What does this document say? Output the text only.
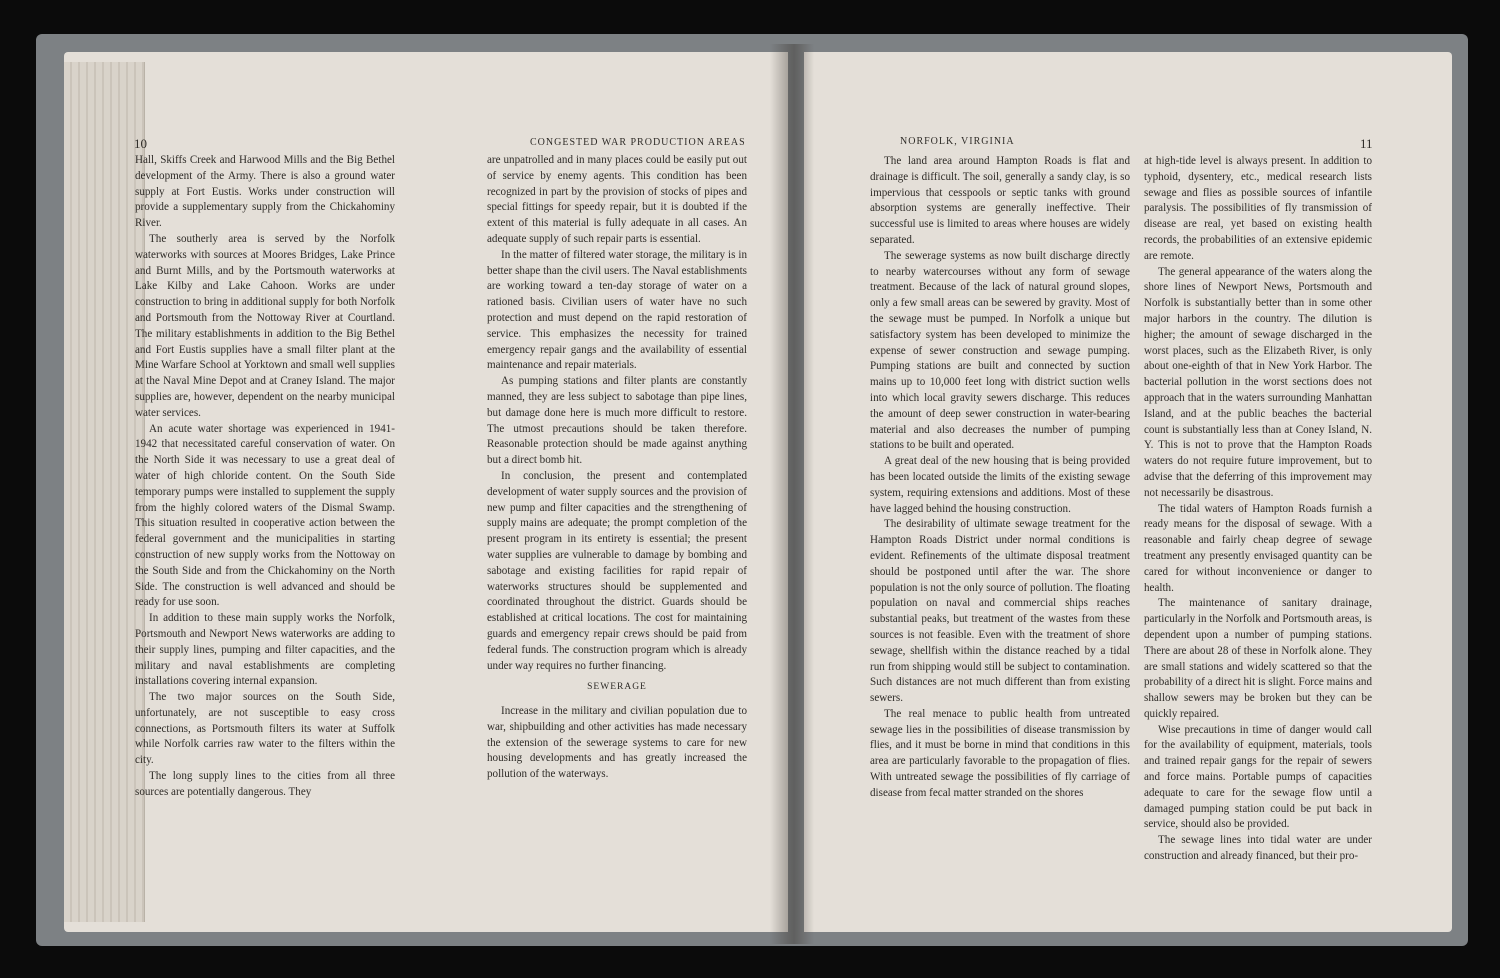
10	CONGESTED WAR PRODUCTION AREAS

Hall, Skiffs Creek and Harwood Mills and the Big Bethel development of the Army. There is also a ground water supply at Fort Eustis. Works under construction will provide a supplementary supply from the Chickahominy River.

The southerly area is served by the Norfolk waterworks with sources at Moores Bridges, Lake Prince and Burnt Mills, and by the Portsmouth waterworks at Lake Kilby and Lake Cahoon. Works are under construction to bring in additional supply for both Norfolk and Portsmouth from the Nottoway River at Courtland. The military establishments in addition to the Big Bethel and Fort Eustis supplies have a small filter plant at the Mine Warfare School at Yorktown and small well supplies at the Naval Mine Depot and at Craney Island. The major supplies are, however, dependent on the nearby municipal water services.

An acute water shortage was experienced in 1941-1942 that necessitated careful conservation of water. On the North Side it was necessary to use a great deal of water of high chloride content. On the South Side temporary pumps were installed to supplement the supply from the highly colored waters of the Dismal Swamp. This situation resulted in cooperative action between the federal government and the municipalities in starting construction of new supply works from the Nottoway on the South Side and from the Chickahominy on the North Side. The construction is well advanced and should be ready for use soon.

In addition to these main supply works the Norfolk, Portsmouth and Newport News waterworks are adding to their supply lines, pumping and filter capacities, and the military and naval establishments are completing installations covering internal expansion.

The two major sources on the South Side, unfortunately, are not susceptible to easy cross connections, as Portsmouth filters its water at Suffolk while Norfolk carries raw water to the filters within the city.

The long supply lines to the cities from all three sources are potentially dangerous. They

are unpatrolled and in many places could be easily put out of service by enemy agents. This condition has been recognized in part by the provision of stocks of pipes and special fittings for speedy repair, but it is doubted if the extent of this material is fully adequate in all cases. An adequate supply of such repair parts is essential.

In the matter of filtered water storage, the military is in better shape than the civil users. The Naval establishments are working toward a ten-day storage of water on a rationed basis. Civilian users of water have no such protection and must depend on the rapid restoration of service. This emphasizes the necessity for trained emergency repair gangs and the availability of essential maintenance and repair materials.

As pumping stations and filter plants are constantly manned, they are less subject to sabotage than pipe lines, but damage done here is much more difficult to restore. The utmost precautions should be taken therefore. Reasonable protection should be made against anything but a direct bomb hit.

In conclusion, the present and contemplated development of water supply sources and the provision of new pump and filter capacities and the strengthening of supply mains are adequate; the prompt completion of the present program in its entirety is essential; the present water supplies are vulnerable to damage by bombing and sabotage and existing facilities for rapid repair of waterworks structures should be supplemented and coordinated throughout the district. Guards should be established at critical locations. The cost for maintaining guards and emergency repair crews should be paid from federal funds. The construction program which is already under way requires no further financing.

SEWERAGE

Increase in the military and civilian population due to war, shipbuilding and other activities has made necessary the extension of the sewerage systems to care for new housing developments and has greatly increased the pollution of the waterways.

NORFOLK, VIRGINIA	11

The land area around Hampton Roads is flat and drainage is difficult. The soil, generally a sandy clay, is so impervious that cesspools or septic tanks with ground absorption systems are generally ineffective. Their successful use is limited to areas where houses are widely separated.

The sewerage systems as now built discharge directly to nearby watercourses without any form of sewage treatment. Because of the lack of natural ground slopes, only a few small areas can be sewered by gravity. Most of the sewage must be pumped. In Norfolk a unique but satisfactory system has been developed to minimize the expense of sewer construction and sewage pumping. Pumping stations are built and connected by suction mains up to 10,000 feet long with district suction wells into which local gravity sewers discharge. This reduces the amount of deep sewer construction in water-bearing material and also decreases the number of pumping stations to be built and operated.

A great deal of the new housing that is being provided has been located outside the limits of the existing sewage system, requiring extensions and additions. Most of these have lagged behind the housing construction.

The desirability of ultimate sewage treatment for the Hampton Roads District under normal conditions is evident. Refinements of the ultimate disposal treatment should be postponed until after the war. The shore population is not the only source of pollution. The floating population on naval and commercial ships reaches substantial peaks, but treatment of the wastes from these sources is not feasible. Even with the treatment of shore sewage, shellfish within the distance reached by a tidal run from shipping would still be subject to contamination. Such distances are not much different than from existing sewers.

The real menace to public health from untreated sewage lies in the possibilities of disease transmission by flies, and it must be borne in mind that conditions in this area are particularly favorable to the propagation of flies. With untreated sewage the possibilities of fly carriage of disease from fecal matter stranded on the shores

at high-tide level is always present. In addition to typhoid, dysentery, etc., medical research lists sewage and flies as possible sources of infantile paralysis. The possibilities of fly transmission of disease are real, yet based on existing health records, the probabilities of an extensive epidemic are remote.

The general appearance of the waters along the shore lines of Newport News, Portsmouth and Norfolk is substantially better than in some other major harbors in the country. The dilution is higher; the amount of sewage discharged in the worst places, such as the Elizabeth River, is only about one-eighth of that in New York Harbor. The bacterial pollution in the worst sections does not approach that in the waters surrounding Manhattan Island, and at the public beaches the bacterial count is substantially less than at Coney Island, N. Y. This is not to prove that the Hampton Roads waters do not require future improvement, but to advise that the deferring of this improvement may not necessarily be disastrous.

The tidal waters of Hampton Roads furnish a ready means for the disposal of sewage. With a reasonable and fairly cheap degree of sewage treatment any presently envisaged quantity can be cared for without inconvenience or danger to health.

The maintenance of sanitary drainage, particularly in the Norfolk and Portsmouth areas, is dependent upon a number of pumping stations. There are about 28 of these in Norfolk alone. They are small stations and widely scattered so that the probability of a direct hit is slight. Force mains and shallow sewers may be broken but they can be quickly repaired.

Wise precautions in time of danger would call for the availability of equipment, materials, tools and trained repair gangs for the repair of sewers and force mains. Portable pumps of capacities adequate to care for the sewage flow until a damaged pumping station could be put back in service, should also be provided.

The sewage lines into tidal water are under construction and already financed, but their pro-
